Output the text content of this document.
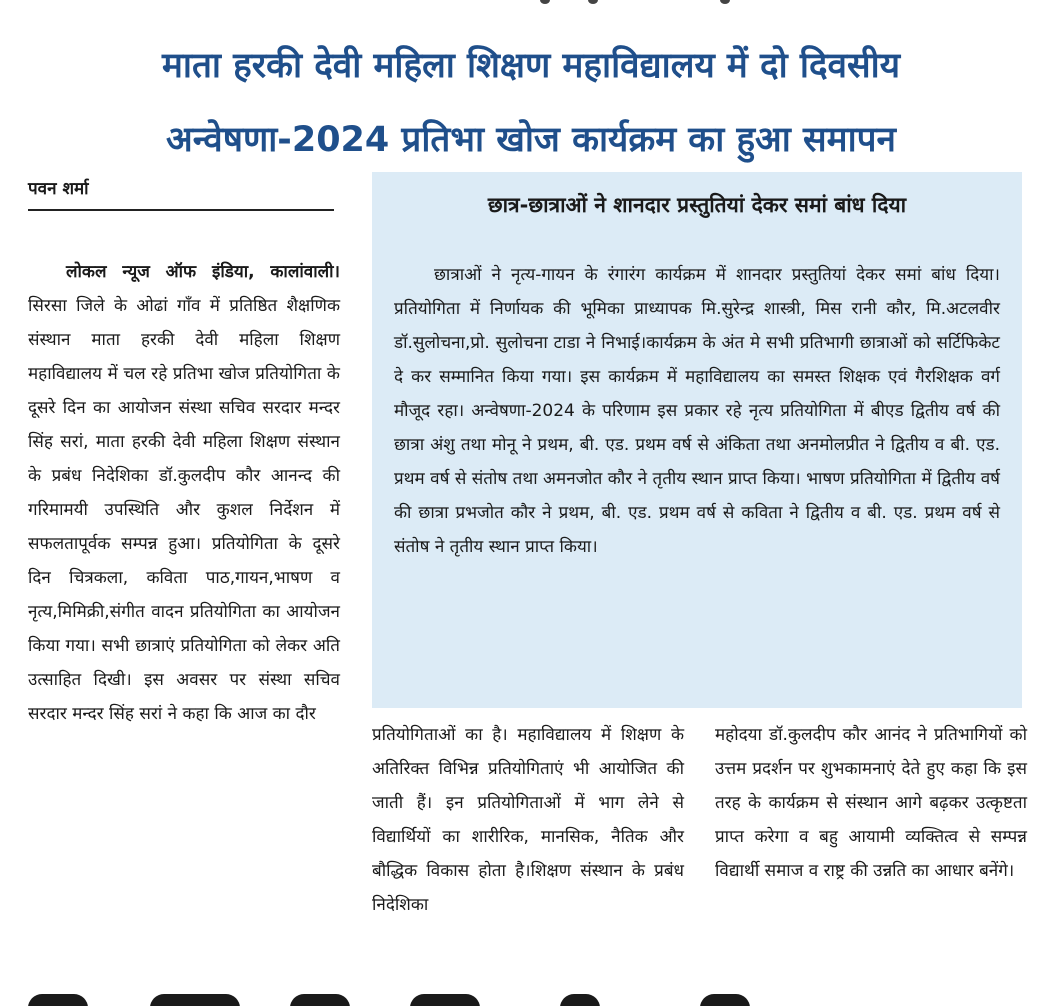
माता हरकी देवी महिला शिक्षण महाविद्यालय में दो दिवसीय
अन्वेषणा-2024 प्रतिभा खोज कार्यक्रम का हुआ समापन
पवन शर्मा

लोकल न्यूज ऑफ इंडिया, कालांवाली। सिरसा जिले के ओढां गाँव में प्रतिष्ठित शैक्षणिक संस्थान माता हरकी देवी महिला शिक्षण महाविद्यालय में चल रहे प्रतिभा खोज प्रतियोगिता के दूसरे दिन का आयोजन संस्था सचिव सरदार मन्दर सिंह सरां, माता हरकी देवी महिला शिक्षण संस्थान के प्रबंध निदेशिका डॉ.कुलदीप कौर आनन्द की गरिमामयी उपस्थिति और कुशल निर्देशन में सफलतापूर्वक सम्पन्न हुआ। प्रतियोगिता के दूसरे दिन चित्रकला, कविता पाठ,गायन,भाषण व नृत्य,मिमिक्री,संगीत वादन प्रतियोगिता का आयोजन किया गया। सभी छात्राएं प्रतियोगिता को लेकर अति उत्साहित दिखी। इस अवसर पर संस्था सचिव सरदार मन्दर सिंह सरां ने कहा कि आज का दौर

छात्र-छात्राओं ने शानदार प्रस्तुतियां देकर समां बांध दिया

छात्राओं ने नृत्य-गायन के रंगारंग कार्यक्रम में शानदार प्रस्तुतियां देकर समां बांध दिया। प्रतियोगिता में निर्णायक की भूमिका प्राध्यापक मि.सुरेन्द्र शास्त्री, मिस रानी कौर, मि.अटलवीर डॉ.सुलोचना,प्रो. सुलोचना टाडा ने निभाई।कार्यक्रम के अंत मे सभी प्रतिभागी छात्राओं को सर्टिफिकेट दे कर सम्मानित किया गया। इस कार्यक्रम में महाविद्यालय का समस्त शिक्षक एवं गैरशिक्षक वर्ग मौजूद रहा। अन्वेषणा-2024 के परिणाम इस प्रकार रहे नृत्य प्रतियोगिता में बीएड द्वितीय वर्ष की छात्रा अंशु तथा मोनू ने प्रथम, बी. एड. प्रथम वर्ष से अंकिता तथा अनमोलप्रीत ने द्वितीय व बी. एड. प्रथम वर्ष से संतोष तथा अमनजोत कौर ने तृतीय स्थान प्राप्त किया। भाषण प्रतियोगिता में द्वितीय वर्ष की छात्रा प्रभजोत कौर ने प्रथम, बी. एड. प्रथम वर्ष से कविता ने द्वितीय व बी. एड. प्रथम वर्ष से संतोष ने तृतीय स्थान प्राप्त किया।

प्रतियोगिताओं का है। महाविद्यालय में शिक्षण के अतिरिक्त विभिन्न प्रतियोगिताएं भी आयोजित की जाती हैं। इन प्रतियोगिताओं में भाग लेने से विद्यार्थियों का शारीरिक, मानसिक, नैतिक और बौद्धिक विकास होता है।शिक्षण संस्थान के प्रबंध निदेशिका

महोदया डॉ.कुलदीप कौर आनंद ने प्रतिभागियों को उत्तम प्रदर्शन पर शुभकामनाएं देते हुए कहा कि इस तरह के कार्यक्रम से संस्थान आगे बढ़कर उत्कृष्टता प्राप्त करेगा व बहु आयामी व्यक्तित्व से सम्पन्न विद्यार्थी समाज व राष्ट्र की उन्नति का आधार बनेंगे।
